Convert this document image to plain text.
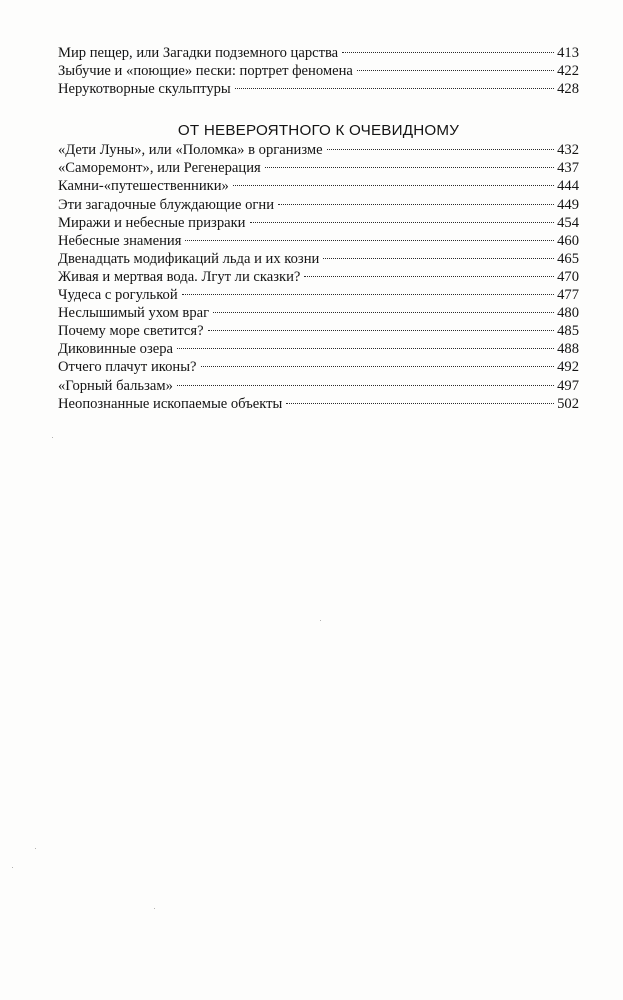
Мир пещер, или Загадки подземного царства	413
Зыбучие и «поющие» пески: портрет феномена	422
Нерукотворные скульптуры	428
ОТ НЕВЕРОЯТНОГО К ОЧЕВИДНОМУ
«Дети Луны», или «Поломка» в организме	432
«Саморемонт», или Регенерация	437
Камни-«путешественники»	444
Эти загадочные блуждающие огни	449
Миражи и небесные призраки	454
Небесные знамения	460
Двенадцать модификаций льда и их козни	465
Живая и мертвая вода. Лгут ли сказки?	470
Чудеса с рогулькой	477
Неслышимый ухом враг	480
Почему море светится?	485
Диковинные озера	488
Отчего плачут иконы?	492
«Горный бальзам»	497
Неопознанные ископаемые объекты	502
